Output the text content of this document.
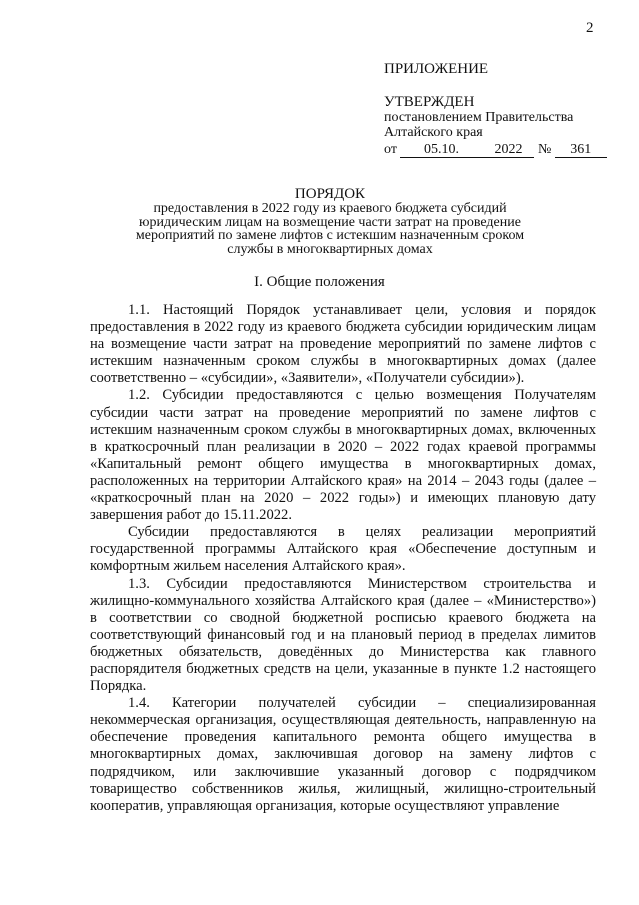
2
ПРИЛОЖЕНИЕ
УТВЕРЖДЕН
постановлением Правительства
Алтайского края
от 05.10.	2022 № 361
ПОРЯДОК
предоставления в 2022 году из краевого бюджета субсидий
юридическим лицам на возмещение части затрат на проведение
мероприятий по замене лифтов с истекшим назначенным сроком
службы в многоквартирных домах
I. Общие положения

1.1. Настоящий Порядок устанавливает цели, условия и порядок предоставления в 2022 году из краевого бюджета субсидии юридическим лицам на возмещение части затрат на проведение мероприятий по замене лифтов с истекшим назначенным сроком службы в многоквартирных домах (далее соответственно – «субсидии», «Заявители», «Получатели субсидии»).

1.2. Субсидии предоставляются с целью возмещения Получателям субсидии части затрат на проведение мероприятий по замене лифтов с истекшим назначенным сроком службы в многоквартирных домах, включенных в краткосрочный план реализации в 2020 – 2022 годах краевой программы «Капитальный ремонт общего имущества в многоквартирных домах, расположенных на территории Алтайского края» на 2014 – 2043 годы (далее – «краткосрочный план на 2020 – 2022 годы») и имеющих плановую дату завершения работ до 15.11.2022.

Субсидии предоставляются в целях реализации мероприятий государственной программы Алтайского края «Обеспечение доступным и комфортным жильем населения Алтайского края».

1.3. Субсидии предоставляются Министерством строительства и жилищно-коммунального хозяйства Алтайского края (далее – «Министерство») в соответствии со сводной бюджетной росписью краевого бюджета на соответствующий финансовый год и на плановый период в пределах лимитов бюджетных обязательств, доведённых до Министерства как главного распорядителя бюджетных средств на цели, указанные в пункте 1.2 настоящего Порядка.

1.4. Категории получателей субсидии – специализированная некоммерческая организация, осуществляющая деятельность, направленную на обеспечение проведения капитального ремонта общего имущества в многоквартирных домах, заключившая договор на замену лифтов с подрядчиком, или заключившие указанный договор с подрядчиком товарищество собственников жилья, жилищный, жилищно-строительный кооператив, управляющая организация, которые осуществляют управление
